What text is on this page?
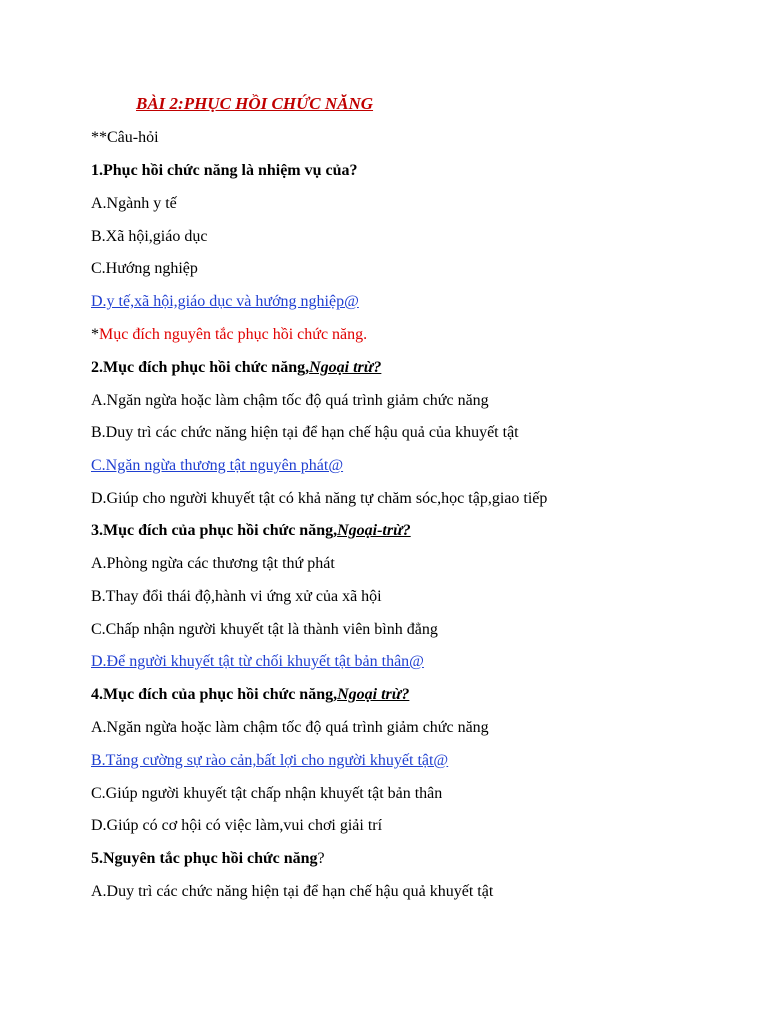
BÀI 2:PHỤC HỒI CHỨC NĂNG
**Câu-hỏi
1.Phục hồi chức năng là nhiệm vụ của?
A.Ngành y tế
B.Xã hội,giáo dục
C.Hướng nghiệp
D.y tế,xã hội,giáo dục và hướng nghiệp@
*Mục đích nguyên tắc phục hồi chức năng.
2.Mục đích phục hồi chức năng,Ngoại trừ?
A.Ngăn ngừa hoặc làm chậm tốc độ quá trình giảm chức năng
B.Duy trì các chức năng hiện tại để hạn chế hậu quả của khuyết tật
C.Ngăn ngừa thương tật nguyên phát@
D.Giúp cho người khuyết tật có khả năng tự chăm sóc,học tập,giao tiếp
3.Mục đích của phục hồi chức năng,Ngoại-trừ?
A.Phòng ngừa các thương tật thứ phát
B.Thay đổi thái độ,hành vi ứng xử của xã hội
C.Chấp nhận người khuyết tật là thành viên bình đẳng
D.Để người khuyết tật từ chối khuyết tật bản thân@
4.Mục đích của phục hồi chức năng,Ngoại trừ?
A.Ngăn ngừa hoặc làm chậm tốc độ quá trình giảm chức năng
B.Tăng cường sự rào cản,bất lợi cho người khuyết tật@
C.Giúp người khuyết tật chấp nhận khuyết tật bản thân
D.Giúp có cơ hội có việc làm,vui chơi giải trí
5.Nguyên tắc phục hồi chức năng?
A.Duy trì các chức năng hiện tại để hạn chế hậu quả khuyết tật
